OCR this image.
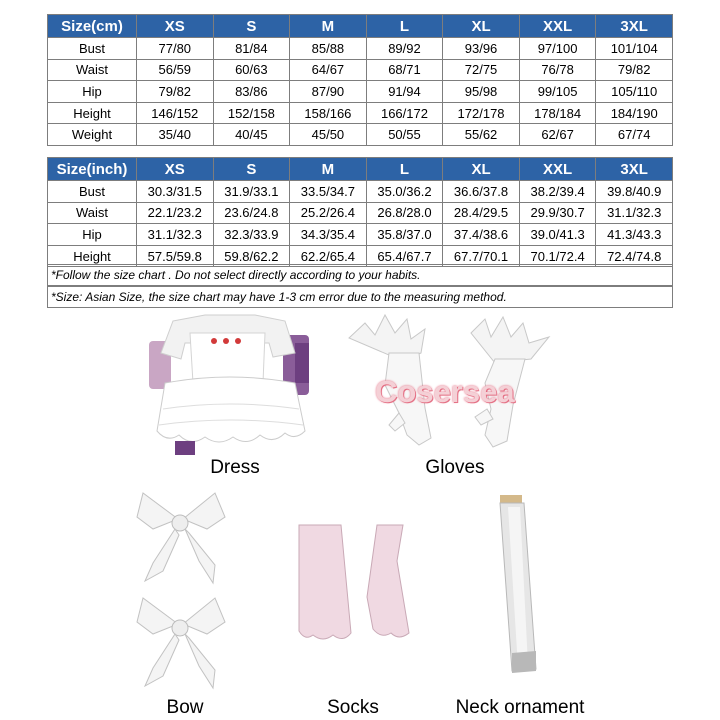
Size(cm)	XS	S	M	L	XL	XXL	3XL
Bust	77/80	81/84	85/88	89/92	93/96	97/100	101/104
Waist	56/59	60/63	64/67	68/71	72/75	76/78	79/82
Hip	79/82	83/86	87/90	91/94	95/98	99/105	105/110
Height	146/152	152/158	158/166	166/172	172/178	178/184	184/190
Weight	35/40	40/45	45/50	50/55	55/62	62/67	67/74
Size(inch)	XS	S	M	L	XL	XXL	3XL
Bust	30.3/31.5	31.9/33.1	33.5/34.7	35.0/36.2	36.6/37.8	38.2/39.4	39.8/40.9
Waist	22.1/23.2	23.6/24.8	25.2/26.4	26.8/28.0	28.4/29.5	29.9/30.7	31.1/32.3
Hip	31.1/32.3	32.3/33.9	34.3/35.4	35.8/37.0	37.4/38.6	39.0/41.3	41.3/43.3
Height	57.5/59.8	59.8/62.2	62.2/65.4	65.4/67.7	67.7/70.1	70.1/72.4	72.4/74.8
*Follow the size chart . Do not select directly according to your habits.
*Size: Asian Size, the size chart may have 1-3 cm error due to the measuring method.
Dress
Cosersea
Gloves
Bow	Socks	Neck ornament
